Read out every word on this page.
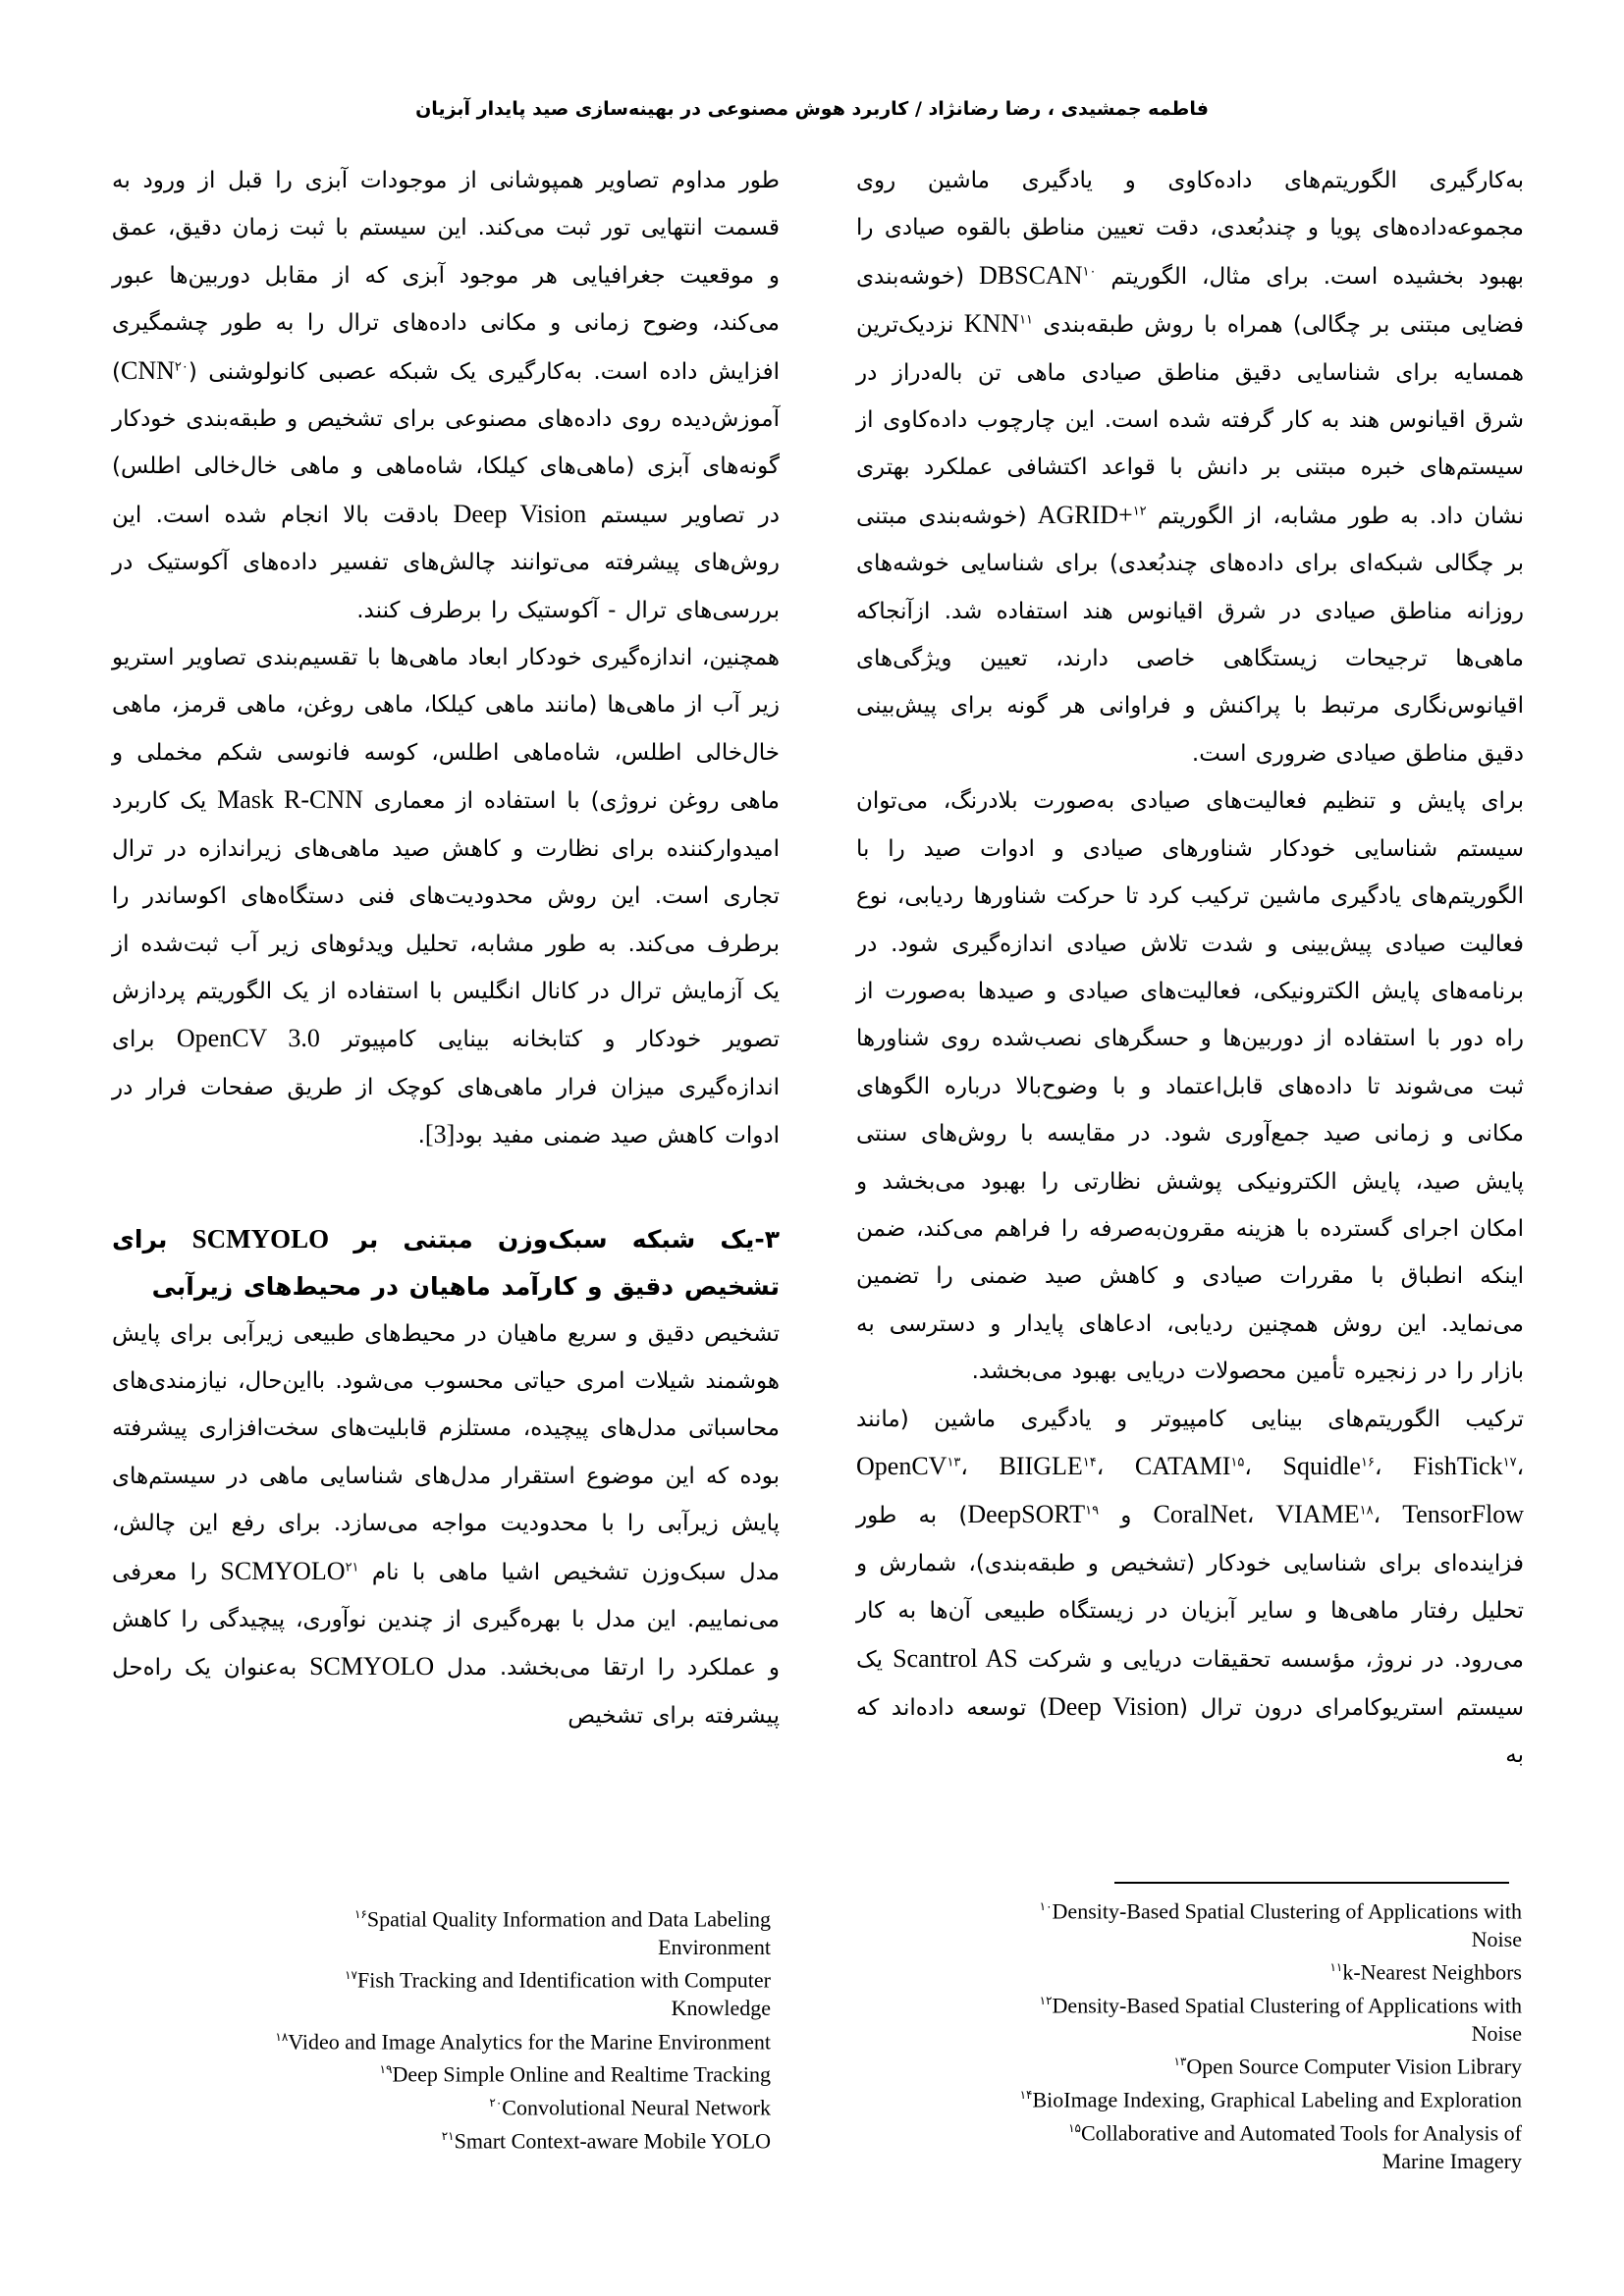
فاطمه جمشیدی ، رضا رضانژاد / کاربرد هوش مصنوعی در بهینه‌سازی صید پایدار آبزیان

به‌کارگیری الگوریتم‌های داده‌کاوی و یادگیری ماشین روی مجموعه‌داده‌های پویا و چندبُعدی، دقت تعیین مناطق بالقوه صیادی را بهبود بخشیده است. برای مثال، الگوریتم DBSCAN$^{۱۰}$ (خوشه‌بندی فضایی مبتنی بر چگالی) همراه با روش طبقه‌بندی KNN$^{۱۱}$ نزدیک‌ترین همسایه برای شناسایی دقیق مناطق صیادی ماهی تن باله‌دراز در شرق اقیانوس هند به کار گرفته شده است. این چارچوب داده‌کاوی از سیستم‌های خبره مبتنی بر دانش با قواعد اکتشافی عملکرد بهتری نشان داد. به طور مشابه، از الگوریتم AGRID+$^{۱۲}$ (خوشه‌بندی مبتنی بر چگالی شبکه‌ای برای داده‌های چندبُعدی) برای شناسایی خوشه‌های روزانه مناطق صیادی در شرق اقیانوس هند استفاده شد. ازآنجاکه ماهی‌ها ترجیحات زیستگاهی خاصی دارند، تعیین ویژگی‌های اقیانوس‌نگاری مرتبط با پراکنش و فراوانی هر گونه برای پیش‌بینی دقیق مناطق صیادی ضروری است.

برای پایش و تنظیم فعالیت‌های صیادی به‌صورت بلادرنگ، می‌توان سیستم شناسایی خودکار شناورهای صیادی و ادوات صید را با الگوریتم‌های یادگیری ماشین ترکیب کرد تا حرکت شناورها ردیابی، نوع فعالیت صیادی پیش‌بینی و شدت تلاش صیادی اندازه‌گیری شود. در برنامه‌های پایش الکترونیکی، فعالیت‌های صیادی و صیدها به‌صورت از راه دور با استفاده از دوربین‌ها و حسگرهای نصب‌شده روی شناورها ثبت می‌شوند تا داده‌های قابل‌اعتماد و با وضوح‌بالا درباره الگوهای مکانی و زمانی صید جمع‌آوری شود. در مقایسه با روش‌های سنتی پایش صید، پایش الکترونیکی پوشش نظارتی را بهبود می‌بخشد و امکان اجرای گسترده با هزینه مقرون‌به‌صرفه را فراهم می‌کند، ضمن اینکه انطباق با مقررات صیادی و کاهش صید ضمنی را تضمین می‌نماید. این روش همچنین ردیابی، ادعاهای پایدار و دسترسی به بازار را در زنجیره تأمین محصولات دریایی بهبود می‌بخشد.

ترکیب الگوریتم‌های بینایی کامپیوتر و یادگیری ماشین (مانند OpenCV$^{۱۳}$، BIIGLE$^{۱۴}$، CATAMI$^{۱۵}$، Squidle$^{۱۶}$، FishTick$^{۱۷}$، CoralNet، VIAME$^{۱۸}$، TensorFlow و DeepSORT$^{۱۹}$) به طور فزاینده‌ای برای شناسایی خودکار (تشخیص و طبقه‌بندی)، شمارش و تحلیل رفتار ماهی‌ها و سایر آبزیان در زیستگاه طبیعی آن‌ها به کار می‌رود. در نروژ، مؤسسه تحقیقات دریایی و شرکت Scantrol AS یک سیستم استریوکامرای درون ترال (Deep Vision) توسعه داده‌اند که به

طور مداوم تصاویر همپوشانی از موجودات آبزی را قبل از ورود به قسمت انتهایی تور ثبت می‌کند. این سیستم با ثبت زمان دقیق، عمق و موقعیت جغرافیایی هر موجود آبزی که از مقابل دوربین‌ها عبور می‌کند، وضوح زمانی و مکانی داده‌های ترال را به طور چشمگیری افزایش داده است. به‌کارگیری یک شبکه عصبی کانولوشنی (CNN$^{۲۰}$) آموزش‌دیده روی داده‌های مصنوعی برای تشخیص و طبقه‌بندی خودکار گونه‌های آبزی (ماهی‌های کیلکا، شاه‌ماهی و ماهی خال‌خالی اطلس) در تصاویر سیستم Deep Vision بادقت بالا انجام شده است. این روش‌های پیشرفته می‌توانند چالش‌های تفسیر داده‌های آکوستیک در بررسی‌های ترال - آکوستیک را برطرف کنند.

همچنین، اندازه‌گیری خودکار ابعاد ماهی‌ها با تقسیم‌بندی تصاویر استریو زیر آب از ماهی‌ها (مانند ماهی کیلکا، ماهی روغن، ماهی قرمز، ماهی خال‌خالی اطلس، شاه‌ماهی اطلس، کوسه فانوسی شکم مخملی و ماهی روغن نروژی) با استفاده از معماری Mask R-CNN یک کاربرد امیدوارکننده برای نظارت و کاهش صید ماهی‌های زیراندازه در ترال تجاری است. این روش محدودیت‌های فنی دستگاه‌های اکوساندر را برطرف می‌کند. به طور مشابه، تحلیل ویدئوهای زیر آب ثبت‌شده از یک آزمایش ترال در کانال انگلیس با استفاده از یک الگوریتم پردازش تصویر خودکار و کتابخانه بینایی کامپیوتر OpenCV 3.0 برای اندازه‌گیری میزان فرار ماهی‌های کوچک از طریق صفحات فرار در ادوات کاهش صید ضمنی مفید بود[3].

۳-یک شبکه سبک‌وزن مبتنی بر SCMYOLO برای تشخیص دقیق و کارآمد ماهیان در محیط‌های زیرآبی

تشخیص دقیق و سریع ماهیان در محیط‌های طبیعی زیرآبی برای پایش هوشمند شیلات امری حیاتی محسوب می‌شود. بااین‌حال، نیازمندی‌های محاسباتی مدل‌های پیچیده، مستلزم قابلیت‌های سخت‌افزاری پیشرفته بوده که این موضوع استقرار مدل‌های شناسایی ماهی در سیستم‌های پایش زیرآبی را با محدودیت مواجه می‌سازد. برای رفع این چالش، مدل سبک‌وزن تشخیص اشیا ماهی با نام SCMYOLO$^{۲۱}$ را معرفی می‌نماییم. این مدل با بهره‌گیری از چندین نوآوری، پیچیدگی را کاهش و عملکرد را ارتقا می‌بخشد. مدل SCMYOLO به‌عنوان یک راه‌حل پیشرفته برای تشخیص

$^{۱۰}$Density-Based Spatial Clustering of Applications with
Noise
$^{۱۱}$k-Nearest Neighbors
$^{۱۲}$Density-Based Spatial Clustering of Applications with
Noise
$^{۱۳}$Open Source Computer Vision Library
$^{۱۴}$BioImage Indexing, Graphical Labeling and Exploration
$^{۱۵}$Collaborative and Automated Tools for Analysis of
Marine Imagery
$^{۱۶}$Spatial Quality Information and Data Labeling
Environment
$^{۱۷}$Fish Tracking and Identification with Computer
Knowledge
$^{۱۸}$Video and Image Analytics for the Marine Environment
$^{۱۹}$Deep Simple Online and Realtime Tracking
$^{۲۰}$Convolutional Neural Network
$^{۲۱}$Smart Context-aware Mobile YOLO
